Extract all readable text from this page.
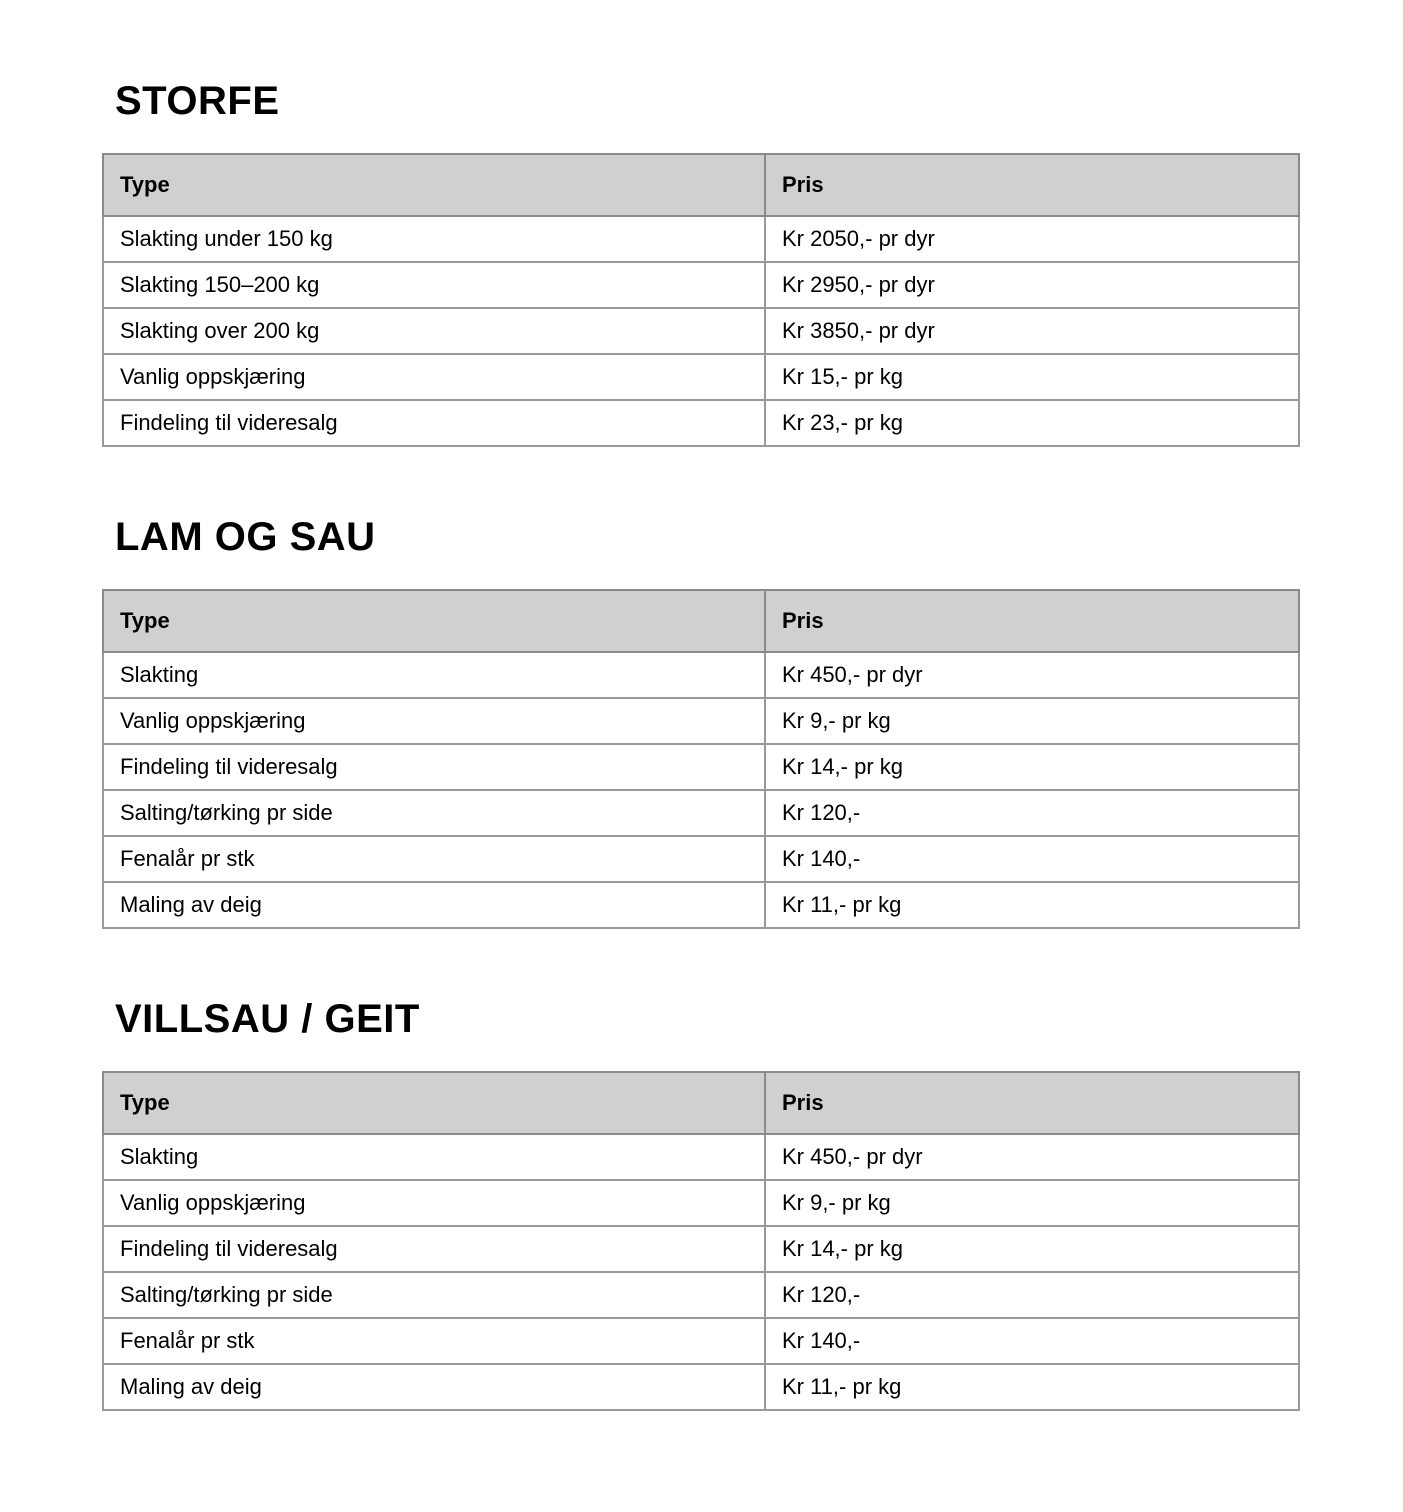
STORFE
Type	Pris
Slakting under 150 kg	Kr 2050,- pr dyr
Slakting 150–200 kg	Kr 2950,- pr dyr
Slakting over 200 kg	Kr 3850,- pr dyr
Vanlig oppskjæring	Kr 15,- pr kg
Findeling til videresalg	Kr 23,- pr kg
LAM OG SAU
Type	Pris
Slakting	Kr 450,- pr dyr
Vanlig oppskjæring	Kr 9,- pr kg
Findeling til videresalg	Kr 14,- pr kg
Salting/tørking pr side	Kr 120,-
Fenalår pr stk	Kr 140,-
Maling av deig	Kr 11,- pr kg
VILLSAU / GEIT
Type	Pris
Slakting	Kr 450,- pr dyr
Vanlig oppskjæring	Kr 9,- pr kg
Findeling til videresalg	Kr 14,- pr kg
Salting/tørking pr side	Kr 120,-
Fenalår pr stk	Kr 140,-
Maling av deig	Kr 11,- pr kg
